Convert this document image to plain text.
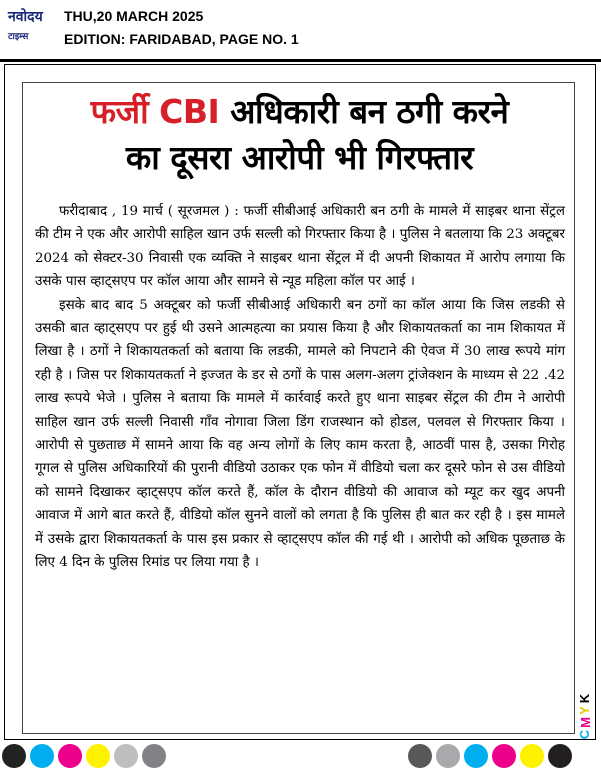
नवोदय
टाइम्स
THU,20 MARCH 2025
EDITION: FARIDABAD, PAGE NO. 1
फर्जी CBI अधिकारी बन ठगी करने
का दूसरा आरोपी भी गिरफ्तार

फरीदाबाद , 19 मार्च ( सूरजमल ) : फर्जी सीबीआई अधिकारी बन ठगी के मामले में साइबर थाना सेंट्रल की टीम ने एक और आरोपी साहिल खान उर्फ सल्ली को गिरफ्तार किया है । पुलिस ने बतलाया कि 23 अक्टूबर 2024 को सेक्टर-30 निवासी एक व्यक्ति ने साइबर थाना सेंट्रल में दी अपनी शिकायत में आरोप लगाया कि उसके पास व्हाट्सएप पर कॉल आया और सामने से न्यूड महिला कॉल पर आई ।

इसके बाद बाद 5 अक्टूबर को फर्जी सीबीआई अधिकारी बन ठगों का कॉल आया कि जिस लडकी से उसकी बात व्हाट्सएप पर हुई थी उसने आत्महत्या का प्रयास किया है और शिकायतकर्ता का नाम शिकायत में लिखा है । ठगों ने शिकायतकर्ता को बताया कि लडकी, मामले को निपटाने की ऐवज में 30 लाख रूपये मांग रही है । जिस पर शिकायतकर्ता ने इज्जत के डर से ठगों के पास अलग-अलग ट्रांजेक्शन के माध्यम से 22 .42 लाख रूपये भेजे । पुलिस ने बताया कि मामले में कार्रवाई करते हुए थाना साइबर सेंट्रल की टीम ने आरोपी साहिल खान उर्फ सल्ली निवासी गाँव नोगावा जिला डिंग राजस्थान को होडल, पलवल से गिरफ्तार किया । आरोपी से पुछताछ में सामने आया कि वह अन्य लोगों के लिए काम करता है, आठवीं पास है, उसका गिरोह गूगल से पुलिस अधिकारियों की पुरानी वीडियो उठाकर एक फोन में वीडियो चला कर दूसरे फोन से उस वीडियो को सामने दिखाकर व्हाट्सएप कॉल करते हैं, कॉल के दौरान वीडियो की आवाज को म्यूट कर खुद अपनी आवाज में आगे बात करते हैं, वीडियो कॉल सुनने वालों को लगता है कि पुलिस ही बात कर रही है । इस मामले में उसके द्वारा शिकायतकर्ता के पास इस प्रकार से व्हाट्सएप कॉल की गई थी । आरोपी को अधिक पूछताछ के लिए 4 दिन के पुलिस रिमांड पर लिया गया है ।

C
M
Y
K
